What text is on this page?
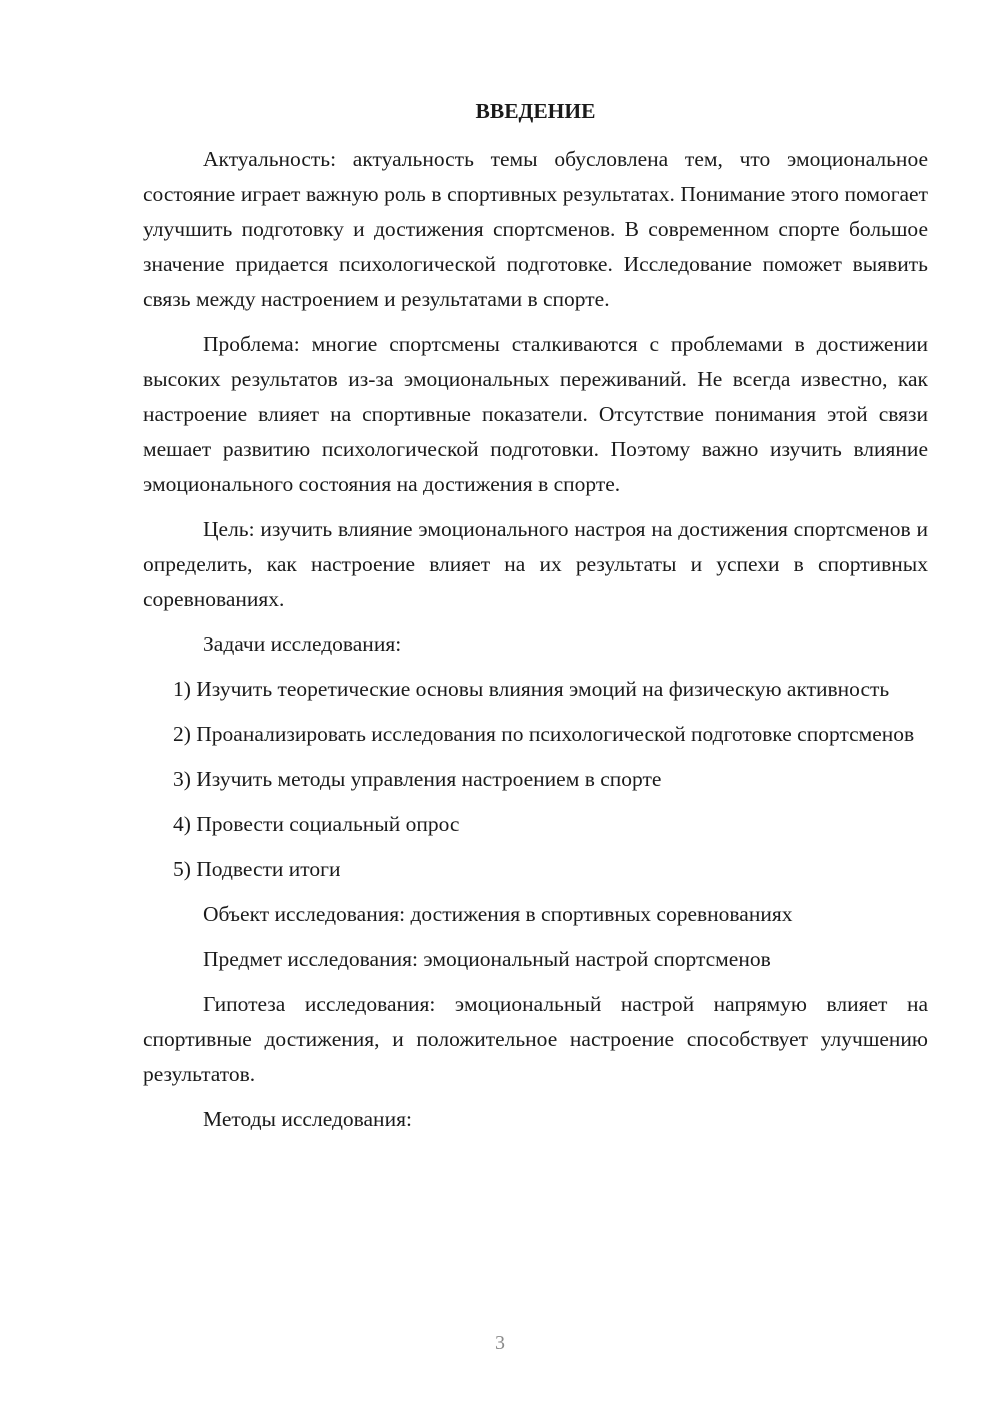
ВВЕДЕНИЕ

Актуальность: актуальность темы обусловлена тем, что эмоциональное состояние играет важную роль в спортивных результатах. Понимание этого помогает улучшить подготовку и достижения спортсменов. В современном спорте большое значение придается психологической подготовке. Исследование поможет выявить связь между настроением и результатами в спорте.

Проблема: многие спортсмены сталкиваются с проблемами в достижении высоких результатов из-за эмоциональных переживаний. Не всегда известно, как настроение влияет на спортивные показатели. Отсутствие понимания этой связи мешает развитию психологической подготовки. Поэтому важно изучить влияние эмоционального состояния на достижения в спорте.

Цель: изучить влияние эмоционального настроя на достижения спортсменов и определить, как настроение влияет на их результаты и успехи в спортивных соревнованиях.

Задачи исследования:

1) Изучить теоретические основы влияния эмоций на физическую активность

2) Проанализировать исследования по психологической подготовке спортсменов

3) Изучить методы управления настроением в спорте

4) Провести социальный опрос

5) Подвести итоги

Объект исследования: достижения в спортивных соревнованиях

Предмет исследования: эмоциональный настрой спортсменов

Гипотеза исследования: эмоциональный настрой напрямую влияет на спортивные достижения, и положительное настроение способствует улучшению результатов.

Методы исследования:

3
